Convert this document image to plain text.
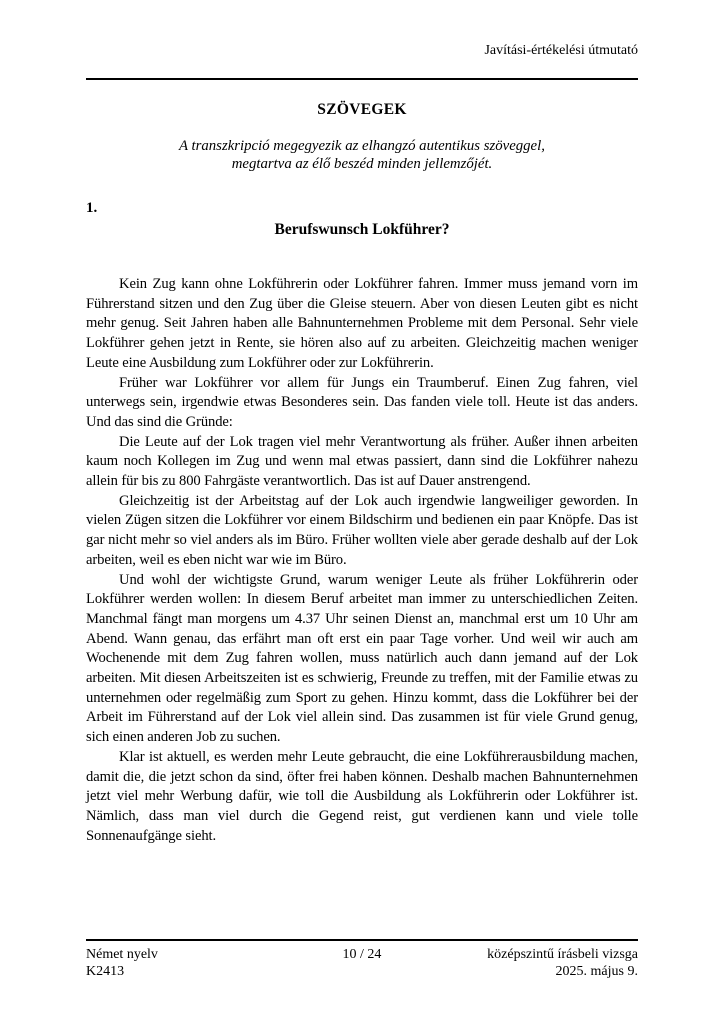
Javítási-értékelési útmutató
SZÖVEGEK
A transzkripció megegyezik az elhangzó autentikus szöveggel,
megtartva az élő beszéd minden jellemzőjét.
1.
Berufswunsch Lokführer?

Kein Zug kann ohne Lokführerin oder Lokführer fahren. Immer muss jemand vorn im Führerstand sitzen und den Zug über die Gleise steuern. Aber von diesen Leuten gibt es nicht mehr genug. Seit Jahren haben alle Bahnunternehmen Probleme mit dem Personal. Sehr viele Lokführer gehen jetzt in Rente, sie hören also auf zu arbeiten. Gleichzeitig machen weniger Leute eine Ausbildung zum Lokführer oder zur Lokführerin.

Früher war Lokführer vor allem für Jungs ein Traumberuf. Einen Zug fahren, viel unterwegs sein, irgendwie etwas Besonderes sein. Das fanden viele toll. Heute ist das anders. Und das sind die Gründe:

Die Leute auf der Lok tragen viel mehr Verantwortung als früher. Außer ihnen arbeiten kaum noch Kollegen im Zug und wenn mal etwas passiert, dann sind die Lokführer nahezu allein für bis zu 800 Fahrgäste verantwortlich. Das ist auf Dauer anstrengend.

Gleichzeitig ist der Arbeitstag auf der Lok auch irgendwie langweiliger geworden. In vielen Zügen sitzen die Lokführer vor einem Bildschirm und bedienen ein paar Knöpfe. Das ist gar nicht mehr so viel anders als im Büro. Früher wollten viele aber gerade deshalb auf der Lok arbeiten, weil es eben nicht war wie im Büro.

Und wohl der wichtigste Grund, warum weniger Leute als früher Lokführerin oder Lokführer werden wollen: In diesem Beruf arbeitet man immer zu unterschiedlichen Zeiten. Manchmal fängt man morgens um 4.37 Uhr seinen Dienst an, manchmal erst um 10 Uhr am Abend. Wann genau, das erfährt man oft erst ein paar Tage vorher. Und weil wir auch am Wochenende mit dem Zug fahren wollen, muss natürlich auch dann jemand auf der Lok arbeiten. Mit diesen Arbeitszeiten ist es schwierig, Freunde zu treffen, mit der Familie etwas zu unternehmen oder regelmäßig zum Sport zu gehen. Hinzu kommt, dass die Lokführer bei der Arbeit im Führerstand auf der Lok viel allein sind. Das zusammen ist für viele Grund genug, sich einen anderen Job zu suchen.

Klar ist aktuell, es werden mehr Leute gebraucht, die eine Lokführerausbildung machen, damit die, die jetzt schon da sind, öfter frei haben können. Deshalb machen Bahnunternehmen jetzt viel mehr Werbung dafür, wie toll die Ausbildung als Lokführerin oder Lokführer ist. Nämlich, dass man viel durch die Gegend reist, gut verdienen kann und viele tolle Sonnenaufgänge sieht.

Német nyelv	10 / 24	középszintű írásbeli vizsga
K2413	2025. május 9.
